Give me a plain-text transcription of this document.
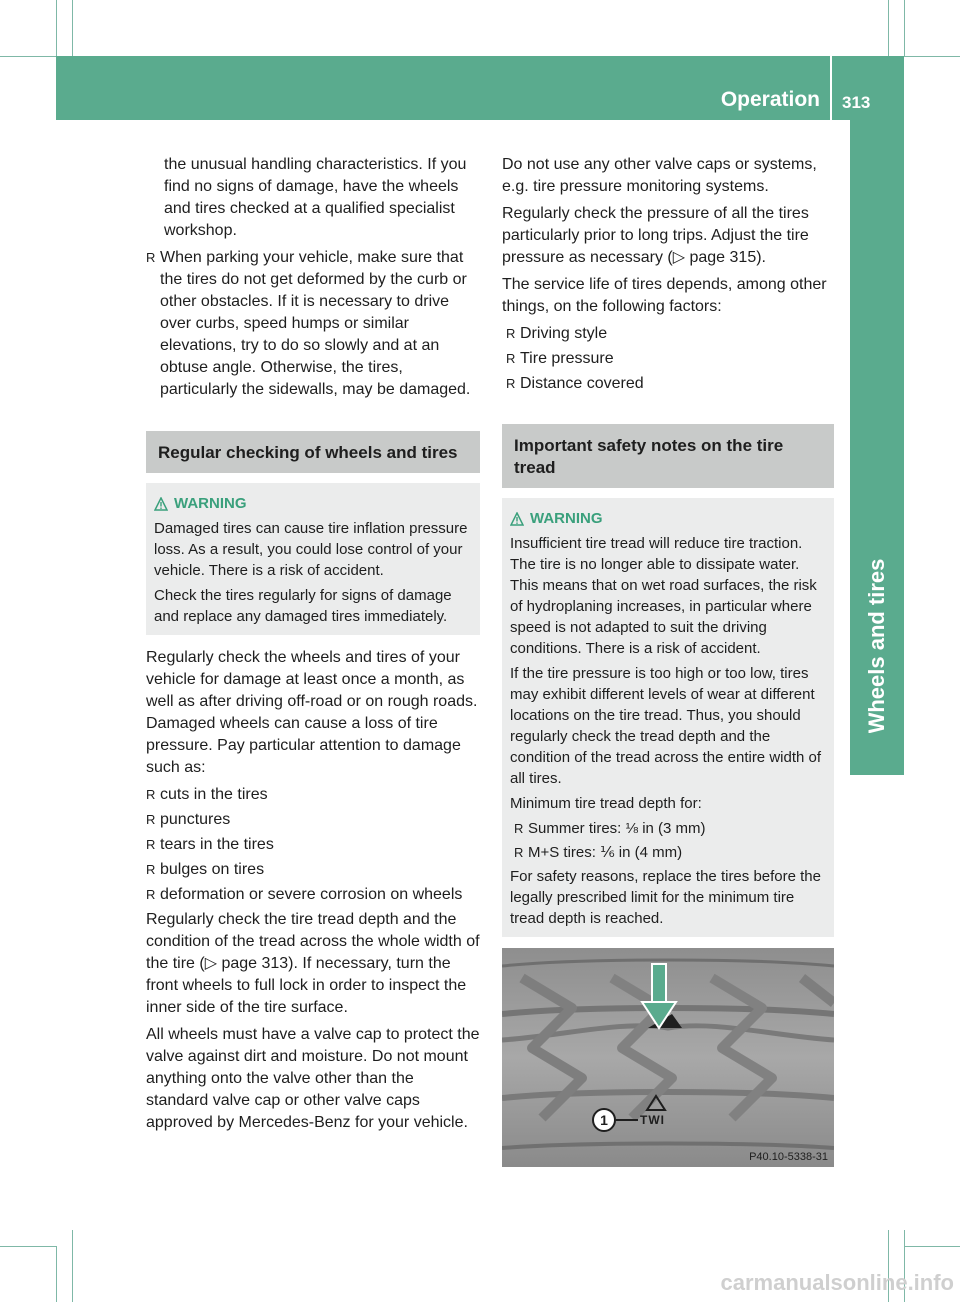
Operation 313
Wheels and tires

the unusual handling characteristics. If you find no signs of damage, have the wheels and tires checked at a qualified specialist workshop.

R When parking your vehicle, make sure that the tires do not get deformed by the curb or other obstacles. If it is necessary to drive over curbs, speed humps or similar elevations, try to do so slowly and at an obtuse angle. Otherwise, the tires, particularly the sidewalls, may be damaged.
Regular checking of wheels and tires
WARNING

Damaged tires can cause tire inflation pressure loss. As a result, you could lose control of your vehicle. There is a risk of accident.

Check the tires regularly for signs of damage and replace any damaged tires immediately.

Regularly check the wheels and tires of your vehicle for damage at least once a month, as well as after driving off-road or on rough roads. Damaged wheels can cause a loss of tire pressure. Pay particular attention to damage such as:

R cuts in the tires
R punctures
R tears in the tires
R bulges on tires
R deformation or severe corrosion on wheels

Regularly check the tire tread depth and the condition of the tread across the whole width of the tire (▷ page 313). If necessary, turn the front wheels to full lock in order to inspect the inner side of the tire surface.

All wheels must have a valve cap to protect the valve against dirt and moisture. Do not mount anything onto the valve other than the standard valve cap or other valve caps approved by Mercedes-Benz for your vehicle.

Do not use any other valve caps or systems, e.g. tire pressure monitoring systems.

Regularly check the pressure of all the tires particularly prior to long trips. Adjust the tire pressure as necessary (▷ page 315).

The service life of tires depends, among other things, on the following factors:

R Driving style
R Tire pressure
R Distance covered
Important safety notes on the tire tread
WARNING

Insufficient tire tread will reduce tire traction. The tire is no longer able to dissipate water. This means that on wet road surfaces, the risk of hydroplaning increases, in particular where speed is not adapted to suit the driving conditions. There is a risk of accident.

If the tire pressure is too high or too low, tires may exhibit different levels of wear at different locations on the tire tread. Thus, you should regularly check the tread depth and the condition of the tread across the entire width of all tires.

Minimum tire tread depth for:

R Summer tires: ⅛ in (3 mm)
R M+S tires: ⅙ in (4 mm)

For safety reasons, replace the tires before the legally prescribed limit for the minimum tire tread depth is reached.

1	TWI
P40.10-5338-31
carmanualsonline.info
